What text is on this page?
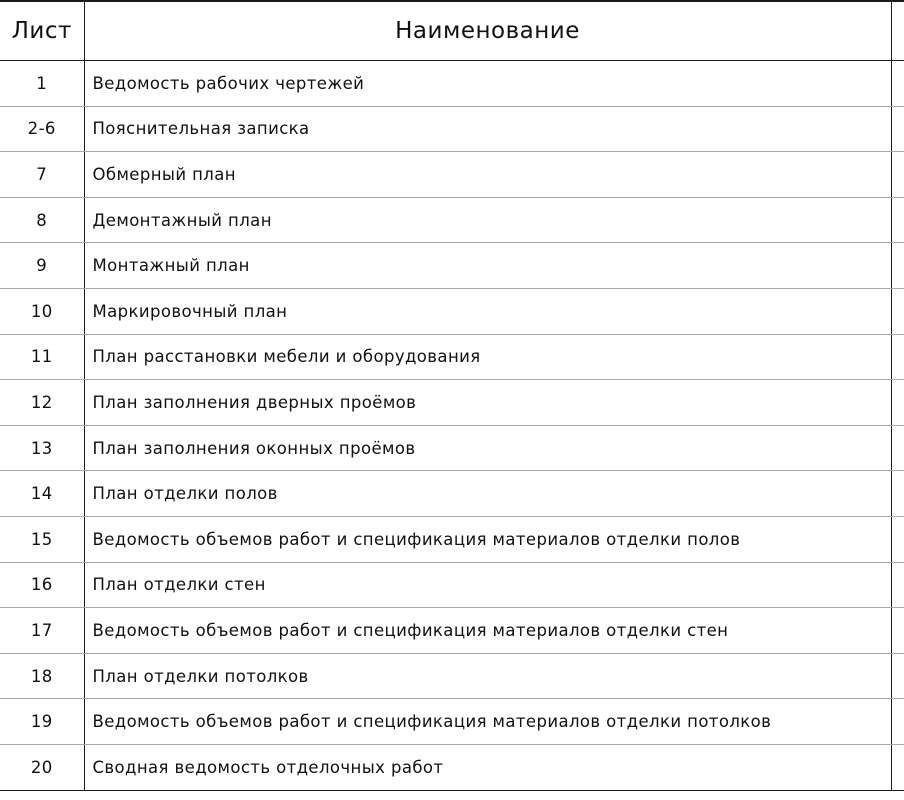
Лист	Наименование	
1	Ведомость рабочих чертежей	
2-6	Пояснительная записка	
7	Обмерный план	
8	Демонтажный план	
9	Монтажный план	
10	Маркировочный план	
11	План расстановки мебели и оборудования	
12	План заполнения дверных проёмов	
13	План заполнения оконных проёмов	
14	План отделки полов	
15	Ведомость объемов работ и спецификация материалов отделки полов	
16	План отделки стен	
17	Ведомость объемов работ и спецификация материалов отделки стен	
18	План отделки потолков	
19	Ведомость объемов работ и спецификация материалов отделки потолков	
20	Сводная ведомость отделочных работ	
